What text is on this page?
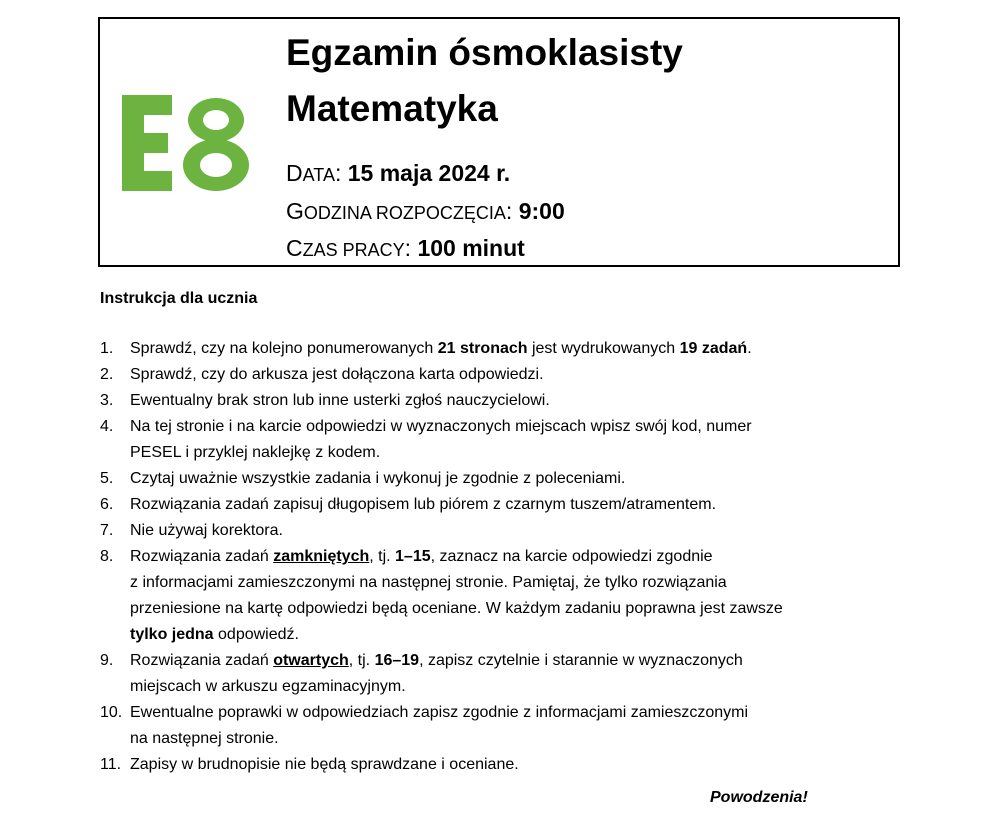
Egzamin ósmoklasisty
Matematyka
DATA: 15 maja 2024 r.
GODZINA ROZPOCZĘCIA: 9:00
CZAS PRACY: 100 minut
Instrukcja dla ucznia
1. Sprawdź, czy na kolejno ponumerowanych 21 stronach jest wydrukowanych 19 zadań.
2. Sprawdź, czy do arkusza jest dołączona karta odpowiedzi.
3. Ewentualny brak stron lub inne usterki zgłoś nauczycielowi.
4. Na tej stronie i na karcie odpowiedzi w wyznaczonych miejscach wpisz swój kod, numer
PESEL i przyklej naklejkę z kodem.
5. Czytaj uważnie wszystkie zadania i wykonuj je zgodnie z poleceniami.
6. Rozwiązania zadań zapisuj długopisem lub piórem z czarnym tuszem/atramentem.
7. Nie używaj korektora.
8. Rozwiązania zadań zamkniętych, tj. 1–15, zaznacz na karcie odpowiedzi zgodnie
z informacjami zamieszczonymi na następnej stronie. Pamiętaj, że tylko rozwiązania
przeniesione na kartę odpowiedzi będą oceniane. W każdym zadaniu poprawna jest zawsze
tylko jedna odpowiedź.
9. Rozwiązania zadań otwartych, tj. 16–19, zapisz czytelnie i starannie w wyznaczonych
miejscach w arkuszu egzaminacyjnym.
10. Ewentualne poprawki w odpowiedziach zapisz zgodnie z informacjami zamieszczonymi
na następnej stronie.
11. Zapisy w brudnopisie nie będą sprawdzane i oceniane.
Powodzenia!
